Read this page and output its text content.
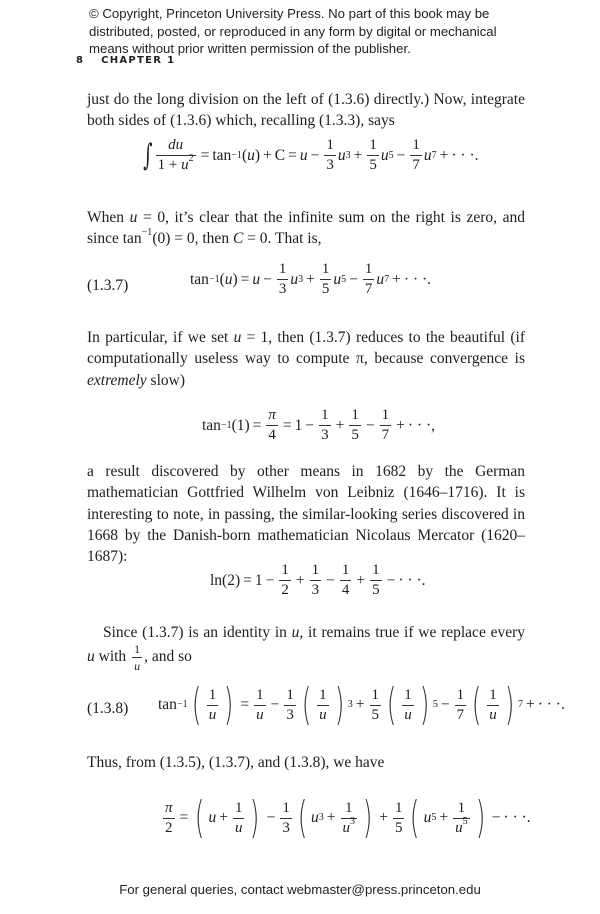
© Copyright, Princeton University Press. No part of this book may be distributed, posted, or reproduced in any form by digital or mechanical means without prior written permission of the publisher.
8 CHAPTER 1
just do the long division on the left of (1.3.6) directly.) Now, integrate both sides of (1.3.6) which, recalling (1.3.3), says
∫ $\frac{du}{1 + u^2} = \tan -1$ ( u ) + $C = u - \frac{1}{3}$ u $3 + \frac{1}{5}$ u $5 - \frac{1}{7}$ u 7 + · · ·.
When u = 0, it’s clear that the infinite sum on the right is zero, and since $\tan^{-1}(0) = 0$, then C = 0. That is,
(1.3.7)	tan −1 ( u ) = $u - \frac{1}{3}$ u $3 + \frac{1}{5}$ u $5 - \frac{1}{7}$ u 7 + · · ·.
In particular, if we set u = 1, then (1.3.7) reduces to the beautiful (if computationally useless way to compute π, because convergence is extremely slow)
tan −1 $(1) = \frac{\pi}{4} = 1 - \frac{1}{3} + \frac{1}{5} - \frac{1}{7}$ + · · ·,
a result discovered by other means in 1682 by the German mathematician Gottfried Wilhelm von Leibniz (1646–1716). It is interesting to note, in passing, the similar-looking series discovered in 1668 by the Danish-born mathematician Nicolaus Mercator (1620–1687):
$\ln(2) = 1 - \frac{1}{2} + \frac{1}{3} - \frac{1}{4} + \frac{1}{5}$ − · · ·.
Since (1.3.7) is an identity in u, it remains true if we replace every u with $\frac{1}{u}$ , and so
(1.3.8) tan −1 ( $\frac{1}{u}$ ) = $\frac{1}{u} - \frac{1}{3}$ ( $\frac{1}{u}$ ) $3 + \frac{1}{5}$ ( $\frac{1}{u}$ ) $5 - \frac{1}{7}$ ( $\frac{1}{u}$ ) 7 + · · ·.
Thus, from (1.3.5), (1.3.7), and (1.3.8), we have
$\frac{\pi}{2}$ = ( $u + \frac{1}{u}$ ) − $\frac{1}{3}$ ( u $3 + \frac{1}{u^3}$ ) + $\frac{1}{5}$ ( u $5 + \frac{1}{u^5}$ ) − · · ·.
For general queries, contact webmaster@press.princeton.edu
